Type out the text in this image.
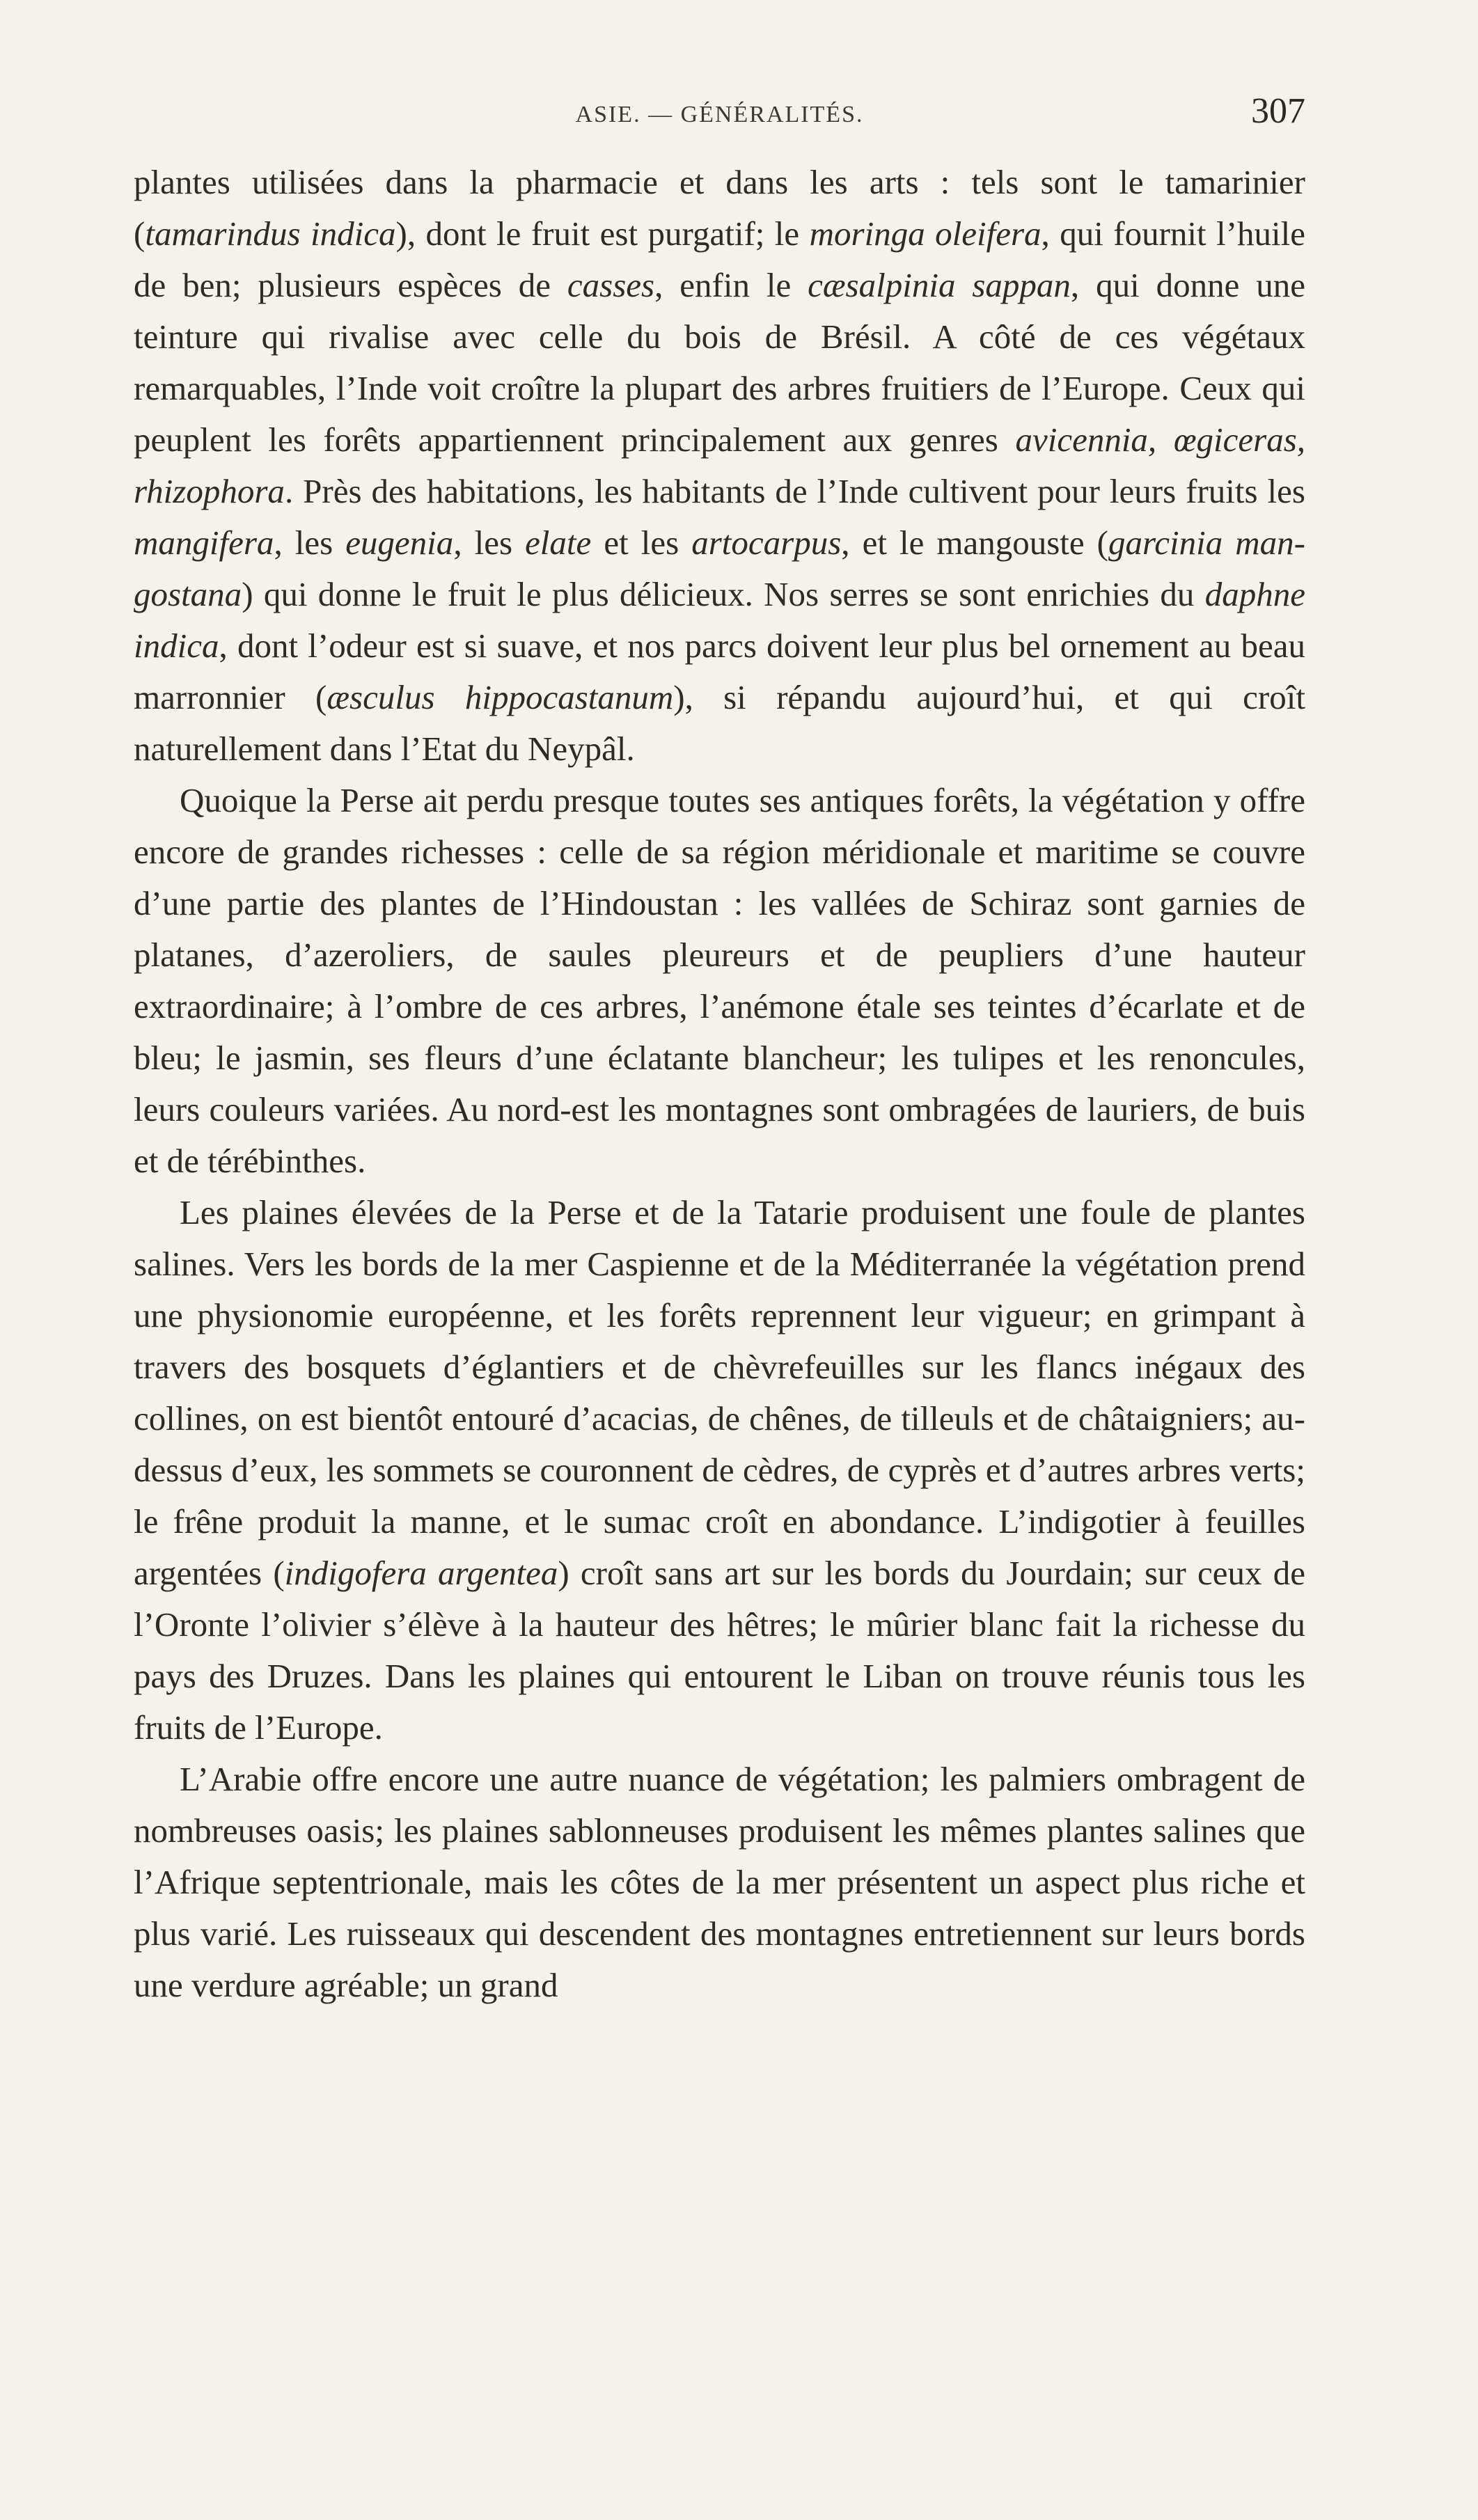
ASIE. — GÉNÉRALITÉS.	307

plantes utilisées dans la pharmacie et dans les arts : tels sont le tamarinier (tamarindus indica), dont le fruit est purgatif; le moringa oleifera, qui fournit l’huile de ben; plusieurs espèces de casses, enfin le cæsalpinia sappan, qui donne une teinture qui rivalise avec celle du bois de Brésil. A côté de ces végétaux remarquables, l’Inde voit croître la plupart des arbres fruitiers de l’Europe. Ceux qui peuplent les forêts appartiennent principalement aux genres avicennia, œgiceras, rhizophora. Près des habitations, les habitants de l’Inde cultivent pour leurs fruits les mangifera, les eugenia, les elate et les artocarpus, et le mangouste (garcinia mangostana) qui donne le fruit le plus délicieux. Nos serres se sont enrichies du daphne indica, dont l’odeur est si suave, et nos parcs doivent leur plus bel ornement au beau marronnier (æsculus hippocastanum), si répandu aujourd’hui, et qui croît naturellement dans l’Etat du Neypâl.

Quoique la Perse ait perdu presque toutes ses antiques forêts, la végétation y offre encore de grandes richesses : celle de sa région méridionale et maritime se couvre d’une partie des plantes de l’Hindoustan : les vallées de Schiraz sont garnies de platanes, d’azeroliers, de saules pleureurs et de peupliers d’une hauteur extraordinaire; à l’ombre de ces arbres, l’anémone étale ses teintes d’écarlate et de bleu; le jasmin, ses fleurs d’une éclatante blancheur; les tulipes et les renoncules, leurs couleurs variées. Au nord-est les montagnes sont ombragées de lauriers, de buis et de térébinthes.

Les plaines élevées de la Perse et de la Tatarie produisent une foule de plantes salines. Vers les bords de la mer Caspienne et de la Méditerranée la végétation prend une physionomie européenne, et les forêts reprennent leur vigueur; en grimpant à travers des bosquets d’églantiers et de chèvrefeuilles sur les flancs inégaux des collines, on est bientôt entouré d’acacias, de chênes, de tilleuls et de châtaigniers; au-dessus d’eux, les sommets se couronnent de cèdres, de cyprès et d’autres arbres verts; le frêne produit la manne, et le sumac croît en abondance. L’indigotier à feuilles argentées (indigofera argentea) croît sans art sur les bords du Jourdain; sur ceux de l’Oronte l’olivier s’élève à la hauteur des hêtres; le mûrier blanc fait la richesse du pays des Druzes. Dans les plaines qui entourent le Liban on trouve réunis tous les fruits de l’Europe.

L’Arabie offre encore une autre nuance de végétation; les palmiers ombragent de nombreuses oasis; les plaines sablonneuses produisent les mêmes plantes salines que l’Afrique septentrionale, mais les côtes de la mer présentent un aspect plus riche et plus varié. Les ruisseaux qui descendent des montagnes entretiennent sur leurs bords une verdure agréable; un grand
